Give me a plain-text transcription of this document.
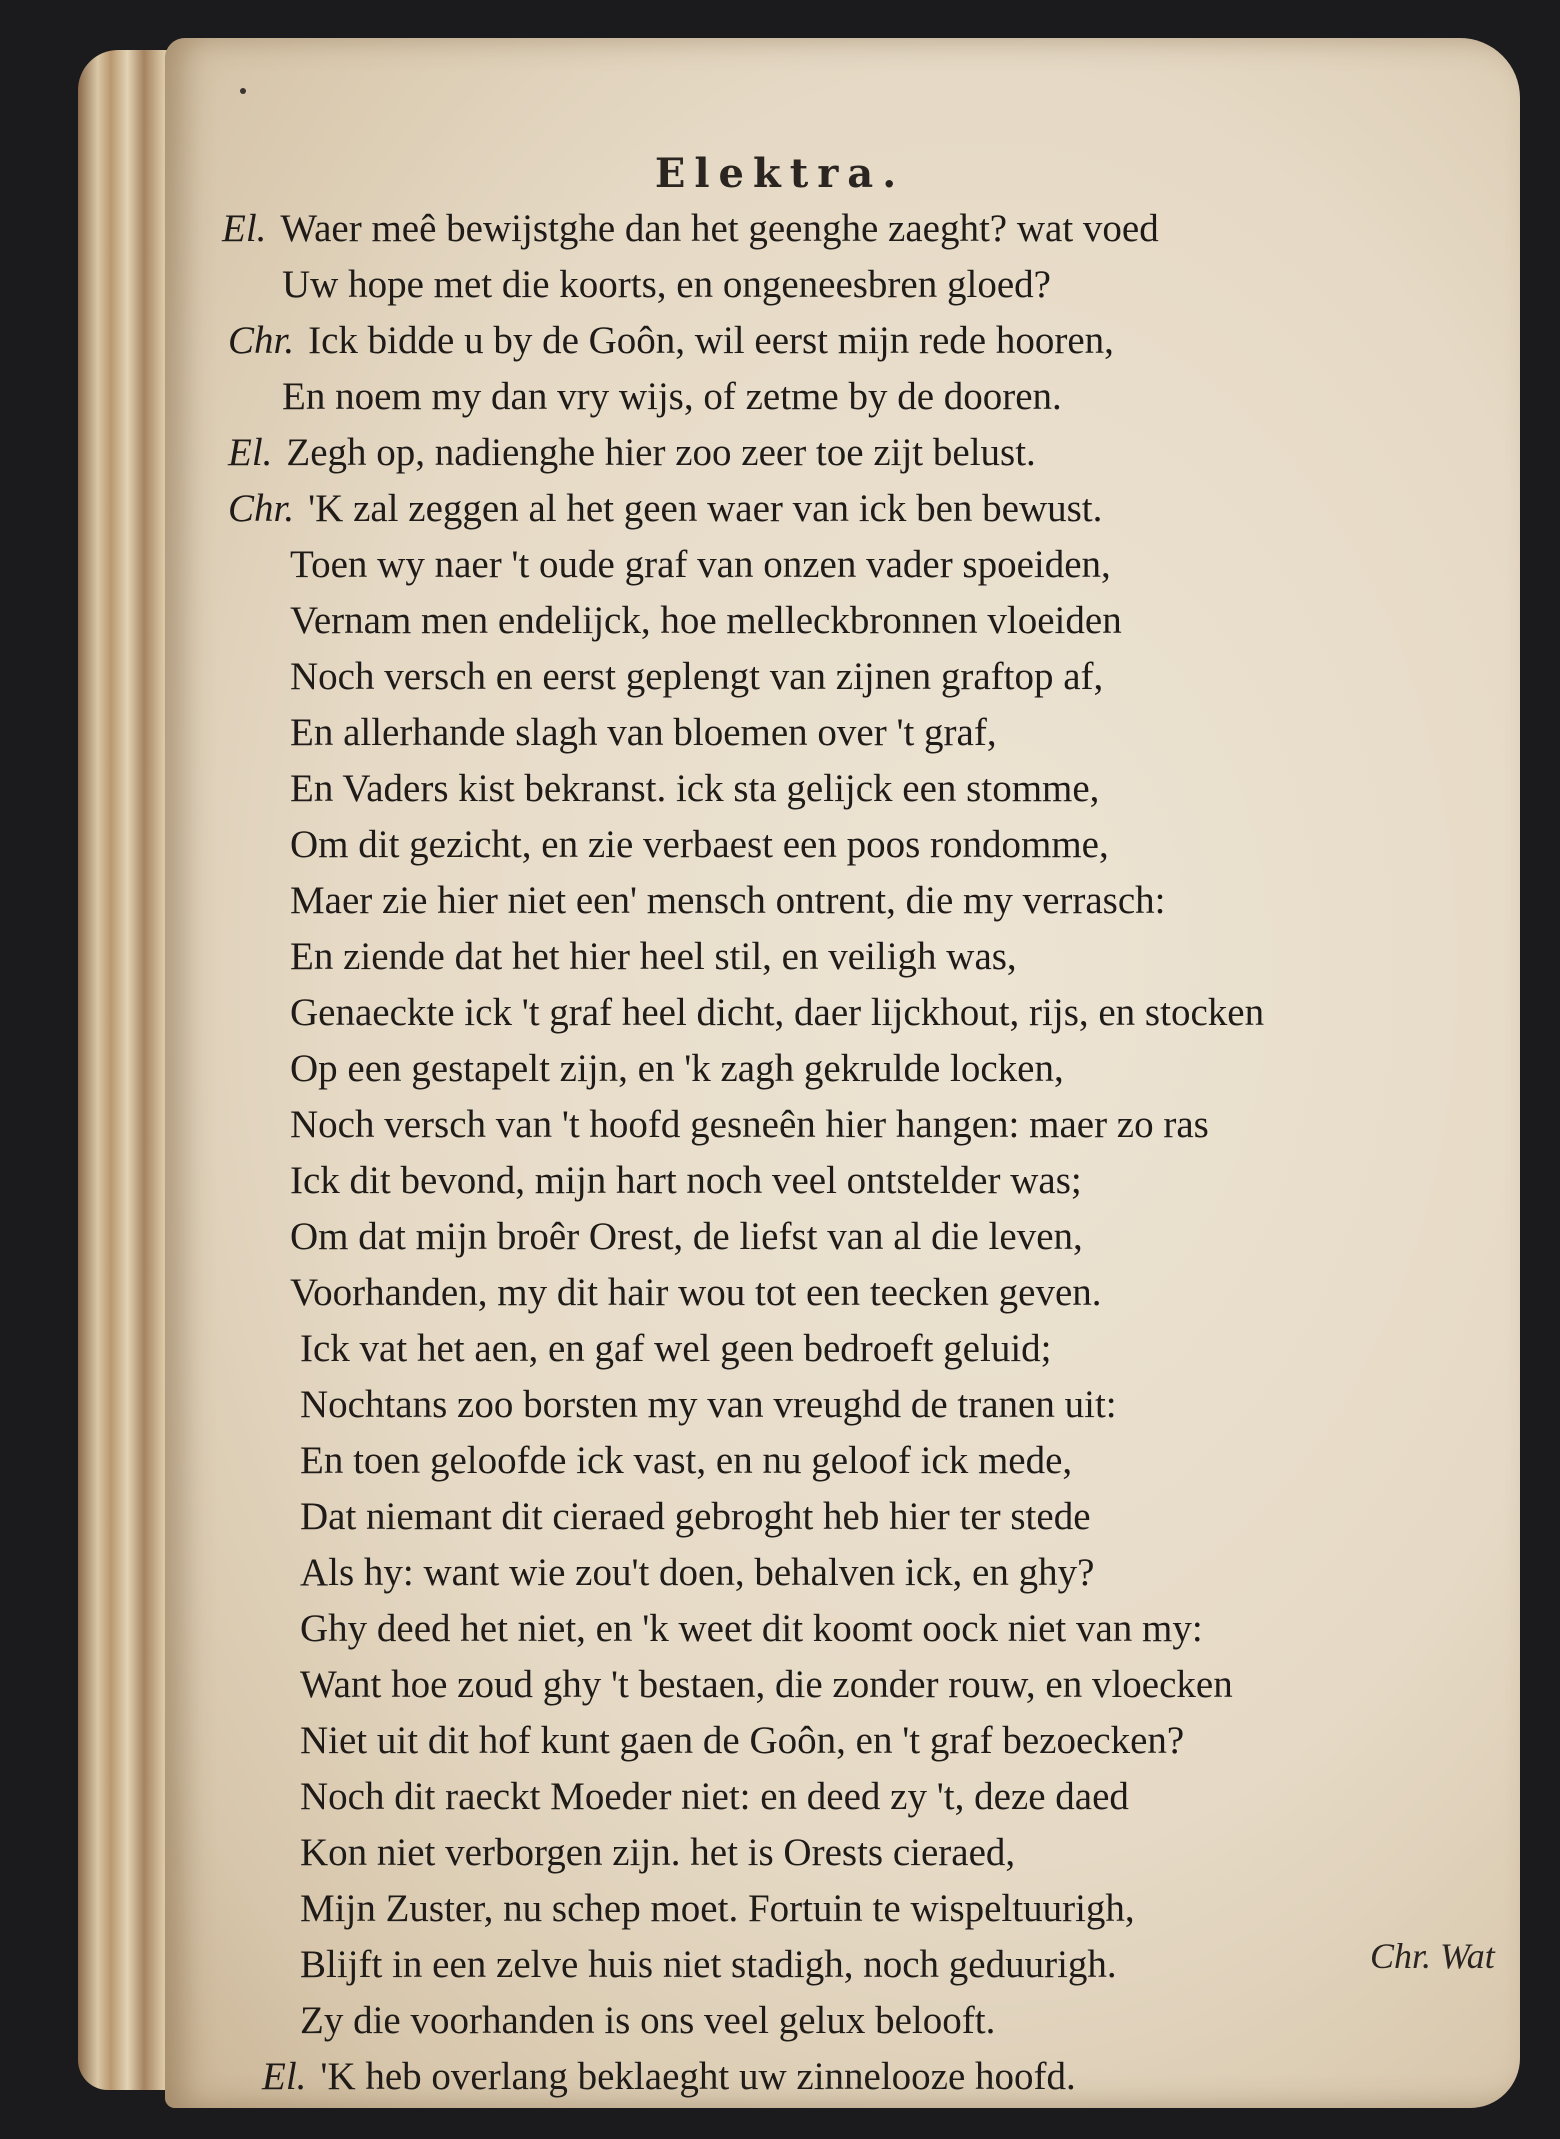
Elektra.
El. Waer meê bewijstghe dan het geenghe zaeght? wat voed
Uw hope met die koorts, en ongeneesbren gloed?
Chr. Ick bidde u by de Goôn, wil eerst mijn rede hooren,
En noem my dan vry wijs, of zetme by de dooren.
El. Zegh op, nadienghe hier zoo zeer toe zijt belust.
Chr. 'K zal zeggen al het geen waer van ick ben bewust.
Toen wy naer 't oude graf van onzen vader spoeiden,
Vernam men endelijck, hoe melleckbronnen vloeiden
Noch versch en eerst geplengt van zijnen graftop af,
En allerhande slagh van bloemen over 't graf,
En Vaders kist bekranst. ick sta gelijck een stomme,
Om dit gezicht, en zie verbaest een poos rondomme,
Maer zie hier niet een' mensch ontrent, die my verrasch:
En ziende dat het hier heel stil, en veiligh was,
Genaeckte ick 't graf heel dicht, daer lijckhout, rijs, en stocken
Op een gestapelt zijn, en 'k zagh gekrulde locken,
Noch versch van 't hoofd gesneên hier hangen: maer zo ras
Ick dit bevond, mijn hart noch veel ontstelder was;
Om dat mijn broêr Orest, de liefst van al die leven,
Voorhanden, my dit hair wou tot een teecken geven.
Ick vat het aen, en gaf wel geen bedroeft geluid;
Nochtans zoo borsten my van vreughd de tranen uit:
En toen geloofde ick vast, en nu geloof ick mede,
Dat niemant dit cieraed gebroght heb hier ter stede
Als hy: want wie zou't doen, behalven ick, en ghy?
Ghy deed het niet, en 'k weet dit koomt oock niet van my:
Want hoe zoud ghy 't bestaen, die zonder rouw, en vloecken
Niet uit dit hof kunt gaen de Goôn, en 't graf bezoecken?
Noch dit raeckt Moeder niet: en deed zy 't, deze daed
Kon niet verborgen zijn. het is Orests cieraed,
Mijn Zuster, nu schep moet. Fortuin te wispeltuurigh,
Blijft in een zelve huis niet stadigh, noch geduurigh.
Zy die voorhanden is ons veel gelux belooft.
El. 'K heb overlang beklaeght uw zinnelooze hoofd.
Chr. Wat
